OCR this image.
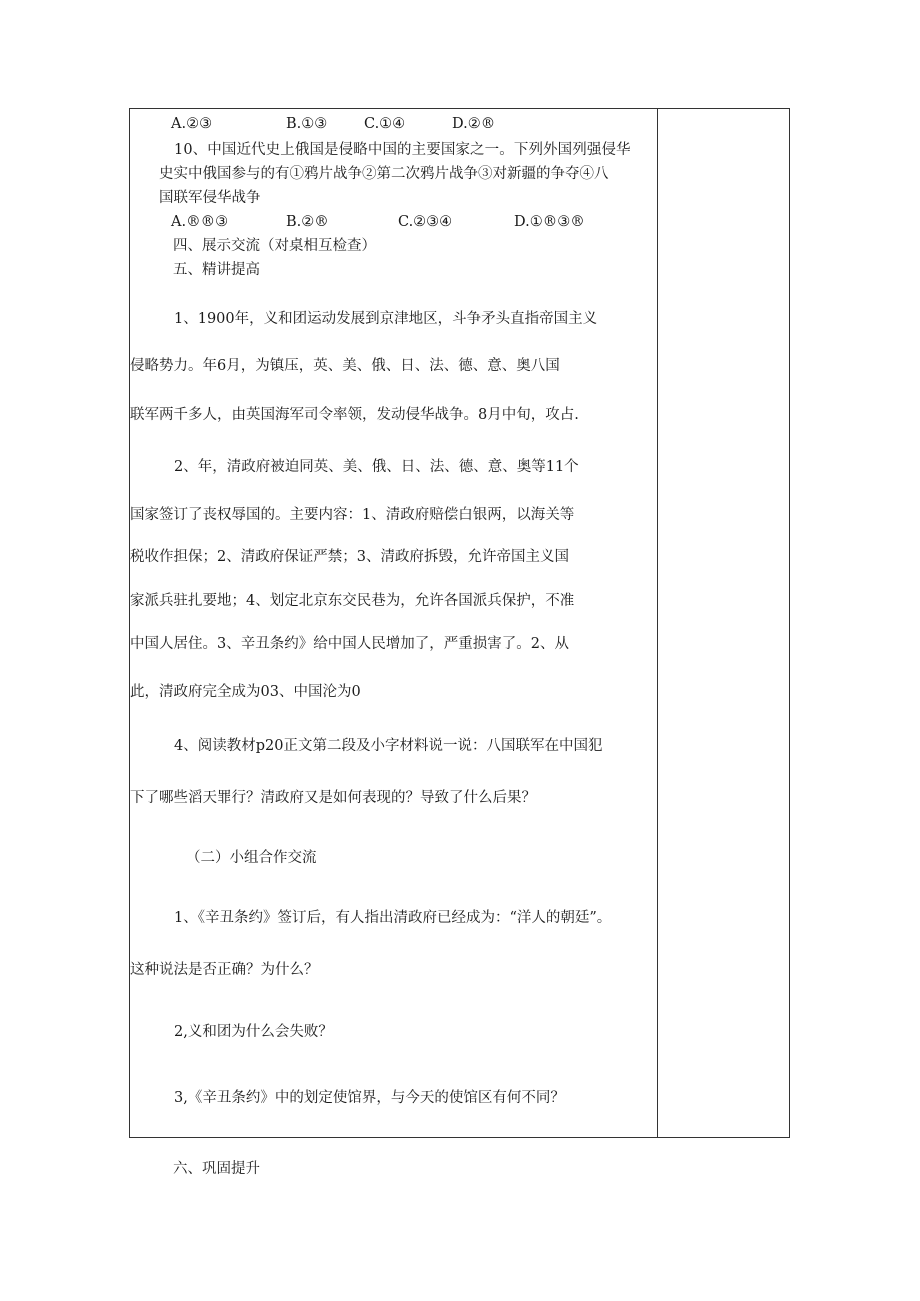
A.②③	B.①③	C.①④	D.②®
10、中国近代史上俄国是侵略中国的主要国家之一。下列外国列强侵华
史实中俄国参与的有①鸦片战争②第二次鸦片战争③对新疆的争夺④八
国联军侵华战争
A.®®③	B.②®	C.②③④	D.①®③®
四、展示交流（对桌相互检查）
五、精讲提高
1、1900年，义和团运动发展到京津地区，斗争矛头直指帝国主义
侵略势力。年6月，为镇压，英、美、俄、日、法、德、意、奥八国
联军两千多人，由英国海军司令率领，发动侵华战争。8月中旬，攻占.
2、年，清政府被迫同英、美、俄、日、法、德、意、奥等11个
国家签订了丧权辱国的。主要内容：1、清政府赔偿白银两，以海关等
税收作担保；2、清政府保证严禁；3、清政府拆毁，允许帝国主义国
家派兵驻扎要地；4、划定北京东交民巷为，允许各国派兵保护，不准
中国人居住。3、辛丑条约》给中国人民增加了，严重损害了。2、从
此，清政府完全成为03、中国沦为0
4、阅读教材p20正文第二段及小字材料说一说：八国联军在中国犯
下了哪些滔天罪行？清政府又是如何表现的？导致了什么后果？
（二）小组合作交流
1、《辛丑条约》签订后，有人指出清政府已经成为：“洋人的朝廷”。
这种说法是否正确？为什么？
2,义和团为什么会失败？
3,《辛丑条约》中的划定使馆界，与今天的使馆区有何不同？
六、巩固提升
